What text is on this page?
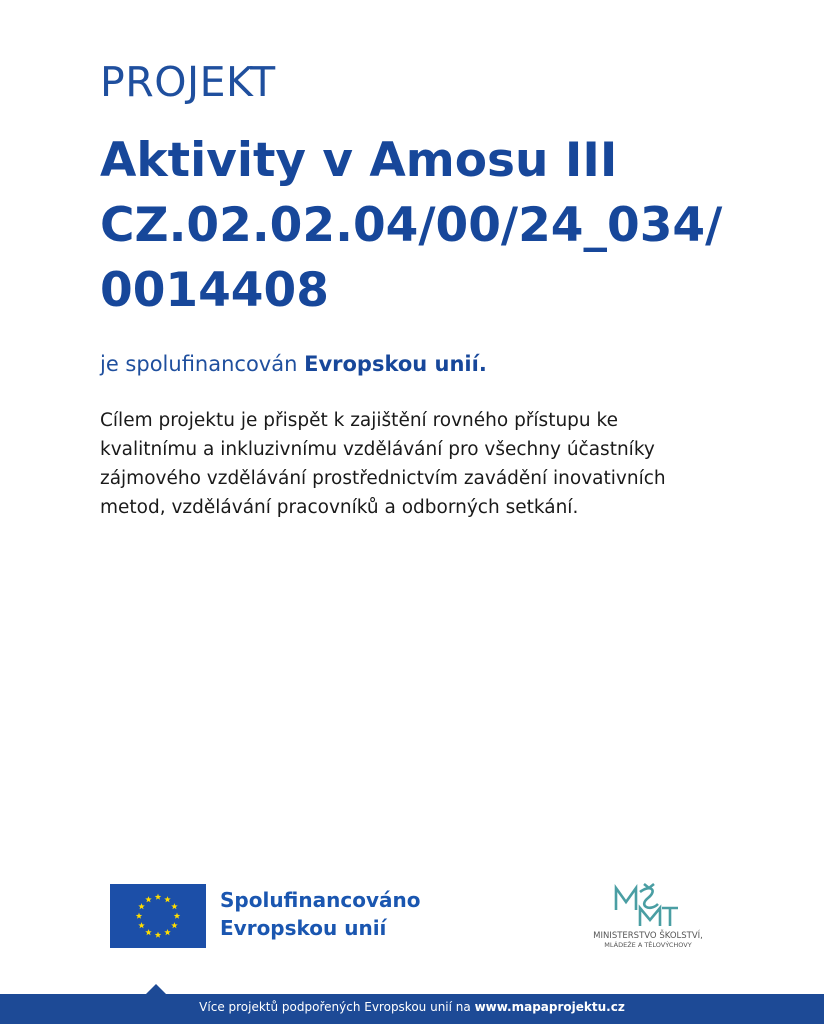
PROJEKT
Aktivity v Amosu III
CZ.02.02.04/00/24_034/
0014408

je spolufinancován Evropskou unií.

Cílem projektu je přispět k zajištění rovného přístupu ke
kvalitnímu a inkluzivnímu vzdělávání pro všechny účastníky
zájmového vzdělávání prostřednictvím zavádění inovativních
metod, vzdělávání pracovníků a odborných setkání.

Spolufinancováno
Evropskou unií	MINISTERSTVO ŠKOLSTVÍ,
MLÁDEŽE A TĚLOVÝCHOVY
Více projektů podpořených Evropskou unií na www.mapaprojektu.cz
